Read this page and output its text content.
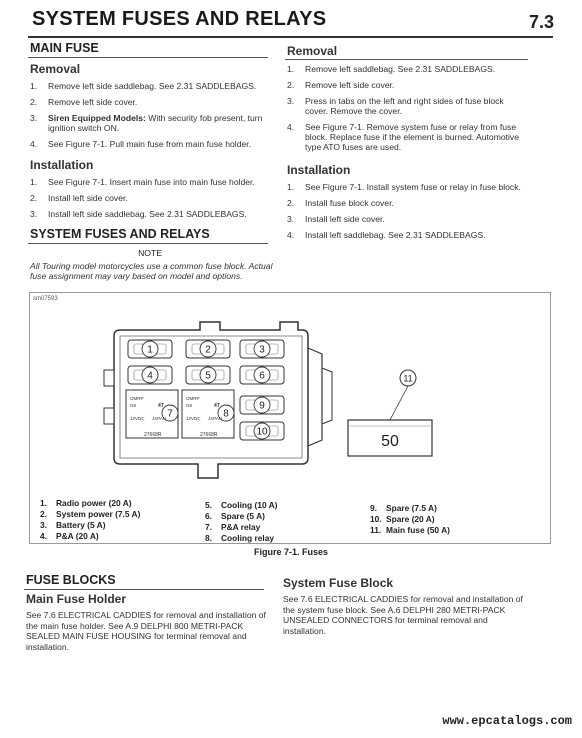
SYSTEM FUSES AND RELAYS	7.3
MAIN FUSE
Removal
1. Remove left side saddlebag. See 2.31 SADDLEBAGS.
2. Remove left side cover.
3. Siren Equipped Models: With security fob present, turn ignition switch ON.
4. See Figure 7-1. Pull main fuse from main fuse holder.
Installation
1. See Figure 7-1. Insert main fuse into main fuse holder.
2. Install left side cover.
3. Install left side saddlebag. See 2.31 SADDLEBAGS.
SYSTEM FUSES AND RELAYS
NOTE
All Touring model motorcycles use a common fuse block. Actual fuse assignment may vary based on model and options.
Removal
1. Remove left saddlebag. See 2.31 SADDLEBAGS.
2. Remove left side cover.
3. Press in tabs on the left and right sides of fuse block cover. Remove the cover.
4. See Figure 7-1. Remove system fuse or relay from fuse block. Replace fuse if the element is burned. Automotive type ATO fuses are used.
Installation
1. See Figure 7-1. Install system fuse or relay in fuse block.
2. Install fuse block cover.
3. Install left side cover.
4. Install left saddlebag. See 2.31 SADDLEBAGS.
sm07593
1	2	3
4	5	6
7	8
9
10
OMRP
G8	4T
12VDC JAPAN
27668R
OMRP
G8	4T
12VDC JAPAN
27668R
11
50
1. Radio power (20 A)
2. System power (7.5 A)
3. Battery (5 A)
4. P&A (20 A)
5. Cooling (10 A)
6. Spare (5 A)
7. P&A relay
8. Cooling relay
9. Spare (7.5 A)
10. Spare (20 A)
11. Main fuse (50 A)
Figure 7-1. Fuses
FUSE BLOCKS
Main Fuse Holder
See 7.6 ELECTRICAL CADDIES for removal and installation of the main fuse holder. See A.9 DELPHI 800 METRI-PACK SEALED MAIN FUSE HOUSING for terminal removal and installation.
System Fuse Block
See 7.6 ELECTRICAL CADDIES for removal and installation of the system fuse block. See A.6 DELPHI 280 METRI-PACK UNSEALED CONNECTORS for terminal removal and installation.
www.epcatalogs.com
